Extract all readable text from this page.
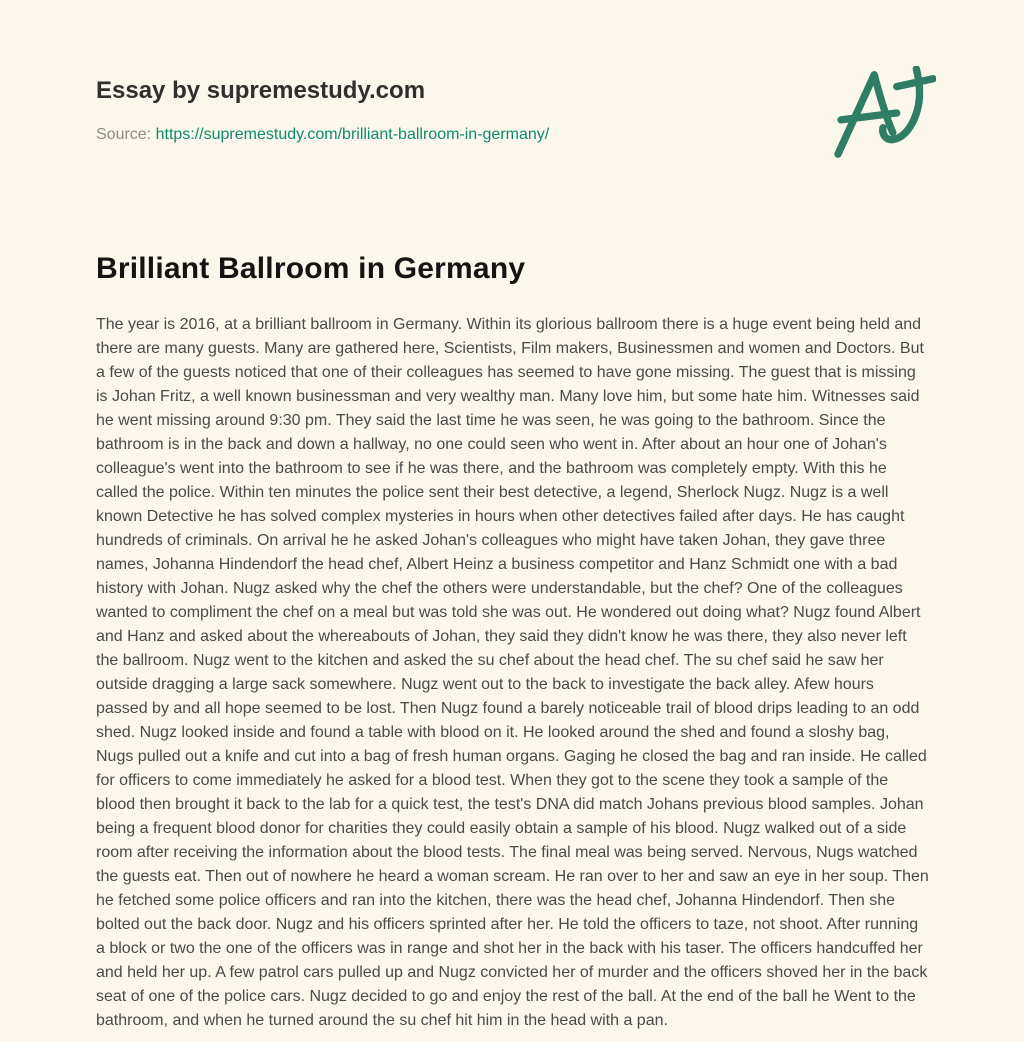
Essay by supremestudy.com
Source: https://supremestudy.com/brilliant-ballroom-in-germany/
Brilliant Ballroom in Germany

The year is 2016, at a brilliant ballroom in Germany. Within its glorious ballroom there is a huge event being held and there are many guests. Many are gathered here, Scientists, Film makers, Businessmen and women and Doctors. But a few of the guests noticed that one of their colleagues has seemed to have gone missing. The guest that is missing is Johan Fritz, a well known businessman and very wealthy man. Many love him, but some hate him. Witnesses said he went missing around 9:30 pm. They said the last time he was seen, he was going to the bathroom. Since the bathroom is in the back and down a hallway, no one could seen who went in. After about an hour one of Johan's colleague's went into the bathroom to see if he was there, and the bathroom was completely empty. With this he called the police. Within ten minutes the police sent their best detective, a legend, Sherlock Nugz. Nugz is a well known Detective he has solved complex mysteries in hours when other detectives failed after days. He has caught hundreds of criminals. On arrival he he asked Johan's colleagues who might have taken Johan, they gave three names, Johanna Hindendorf the head chef, Albert Heinz a business competitor and Hanz Schmidt one with a bad history with Johan. Nugz asked why the chef the others were understandable, but the chef? One of the colleagues wanted to compliment the chef on a meal but was told she was out. He wondered out doing what? Nugz found Albert and Hanz and asked about the whereabouts of Johan, they said they didn't know he was there, they also never left the ballroom. Nugz went to the kitchen and asked the su chef about the head chef. The su chef said he saw her outside dragging a large sack somewhere. Nugz went out to the back to investigate the back alley. Afew hours passed by and all hope seemed to be lost. Then Nugz found a barely noticeable trail of blood drips leading to an odd shed. Nugz looked inside and found a table with blood on it. He looked around the shed and found a sloshy bag, Nugs pulled out a knife and cut into a bag of fresh human organs. Gaging he closed the bag and ran inside. He called for officers to come immediately he asked for a blood test. When they got to the scene they took a sample of the blood then brought it back to the lab for a quick test, the test's DNA did match Johans previous blood samples. Johan being a frequent blood donor for charities they could easily obtain a sample of his blood. Nugz walked out of a side room after receiving the information about the blood tests. The final meal was being served. Nervous, Nugs watched the guests eat. Then out of nowhere he heard a woman scream. He ran over to her and saw an eye in her soup. Then he fetched some police officers and ran into the kitchen, there was the head chef, Johanna Hindendorf. Then she bolted out the back door. Nugz and his officers sprinted after her. He told the officers to taze, not shoot. After running a block or two the one of the officers was in range and shot her in the back with his taser. The officers handcuffed her and held her up. A few patrol cars pulled up and Nugz convicted her of murder and the officers shoved her in the back seat of one of the police cars. Nugz decided to go and enjoy the rest of the ball. At the end of the ball he Went to the bathroom, and when he turned around the su chef hit him in the head with a pan.
